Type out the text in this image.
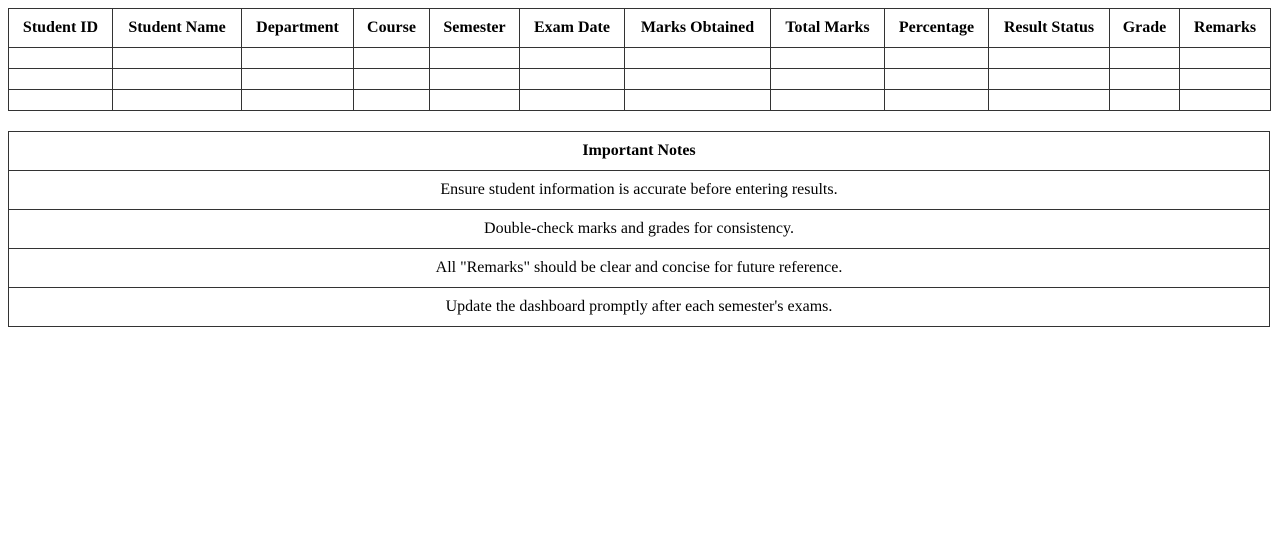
Student ID	Student Name	Department	Course	Semester	Exam Date	Marks Obtained	Total Marks	Percentage	Result Status	Grade	Remarks

Important Notes
Ensure student information is accurate before entering results.
Double-check marks and grades for consistency.
All "Remarks" should be clear and concise for future reference.
Update the dashboard promptly after each semester's exams.
